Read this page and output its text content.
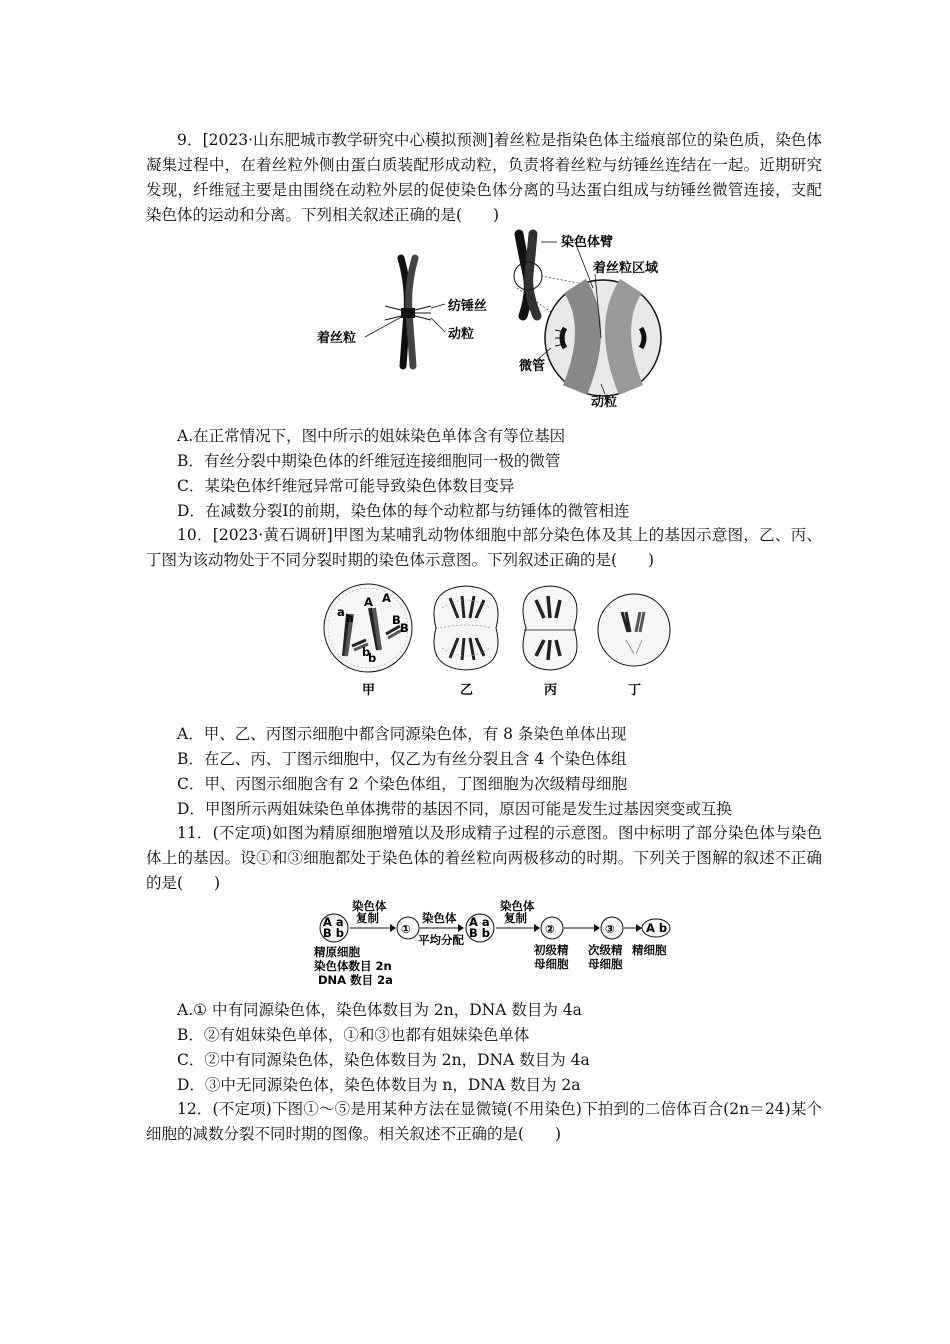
9．[2023·山东肥城市教学研究中心模拟预测]着丝粒是指染色体主缢痕部位的染色质，染色体凝集过程中，在着丝粒外侧由蛋白质装配形成动粒，负责将着丝粒与纺锤丝连结在一起。近期研究发现，纤维冠主要是由围绕在动粒外层的促使染色体分离的马达蛋白组成与纺锤丝微管连接，支配染色体的运动和分离。下列相关叙述正确的是(　　)
纺锤丝
着丝粒	动粒
染色体臂
着丝粒区域
微管
动粒
A.在正常情况下，图中所示的姐妹染色单体含有等位基因
B．有丝分裂中期染色体的纤维冠连接细胞同一极的微管
C．某染色体纤维冠异常可能导致染色体数目变异
D．在减数分裂Ⅰ的前期，染色体的每个动粒都与纺锤体的微管相连
10．[2023·黄石调研]甲图为某哺乳动物体细胞中部分染色体及其上的基因示意图，乙、丙、丁图为该动物处于不同分裂时期的染色体示意图。下列叙述正确的是(　　)
a a
A A
B
B
b
b
甲	乙	丙	丁
A．甲、乙、丙图示细胞中都含同源染色体，有 8 条染色单体出现
B．在乙、丙、丁图示细胞中，仅乙为有丝分裂且含 4 个染色体组
C．甲、丙图示细胞含有 2 个染色体组，丁图细胞为次级精母细胞
D．甲图所示两姐妹染色单体携带的基因不同，原因可能是发生过基因突变或互换
11．(不定项)如图为精原细胞增殖以及形成精子过程的示意图。图中标明了部分染色体与染色体上的基因。设①和③细胞都处于染色体的着丝粒向两极移动的时期。下列关于图解的叙述不正确的是(　　)
A a
B b
染色体
复制
①
染色体
平均分配
A a
B b
染色体
复制
②	③	A b
精原细胞
染色体数目 2n
DNA 数目 2a
初级精
母细胞
次级精
母细胞
精细胞
A.① 中有同源染色体，染色体数目为 2n，DNA 数目为 4a
B．②有姐妹染色单体，①和③也都有姐妹染色单体
C．②中有同源染色体，染色体数目为 2n，DNA 数目为 4a
D．③中无同源染色体，染色体数目为 n，DNA 数目为 2a
12．(不定项)下图①～⑤是用某种方法在显微镜(不用染色)下拍到的二倍体百合(2n＝24)某个细胞的减数分裂不同时期的图像。相关叙述不正确的是(　　)
